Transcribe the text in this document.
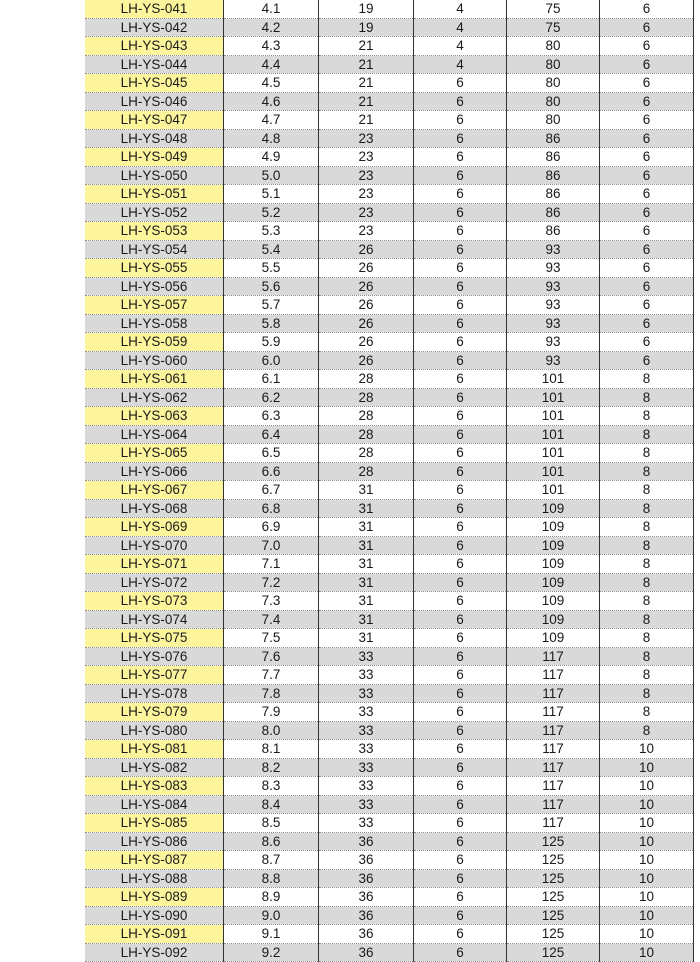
LH-YS-041	4.1	19	4	75	6
LH-YS-042	4.2	19	4	75	6
LH-YS-043	4.3	21	4	80	6
LH-YS-044	4.4	21	4	80	6
LH-YS-045	4.5	21	6	80	6
LH-YS-046	4.6	21	6	80	6
LH-YS-047	4.7	21	6	80	6
LH-YS-048	4.8	23	6	86	6
LH-YS-049	4.9	23	6	86	6
LH-YS-050	5.0	23	6	86	6
LH-YS-051	5.1	23	6	86	6
LH-YS-052	5.2	23	6	86	6
LH-YS-053	5.3	23	6	86	6
LH-YS-054	5.4	26	6	93	6
LH-YS-055	5.5	26	6	93	6
LH-YS-056	5.6	26	6	93	6
LH-YS-057	5.7	26	6	93	6
LH-YS-058	5.8	26	6	93	6
LH-YS-059	5.9	26	6	93	6
LH-YS-060	6.0	26	6	93	6
LH-YS-061	6.1	28	6	101	8
LH-YS-062	6.2	28	6	101	8
LH-YS-063	6.3	28	6	101	8
LH-YS-064	6.4	28	6	101	8
LH-YS-065	6.5	28	6	101	8
LH-YS-066	6.6	28	6	101	8
LH-YS-067	6.7	31	6	101	8
LH-YS-068	6.8	31	6	109	8
LH-YS-069	6.9	31	6	109	8
LH-YS-070	7.0	31	6	109	8
LH-YS-071	7.1	31	6	109	8
LH-YS-072	7.2	31	6	109	8
LH-YS-073	7.3	31	6	109	8
LH-YS-074	7.4	31	6	109	8
LH-YS-075	7.5	31	6	109	8
LH-YS-076	7.6	33	6	117	8
LH-YS-077	7.7	33	6	117	8
LH-YS-078	7.8	33	6	117	8
LH-YS-079	7.9	33	6	117	8
LH-YS-080	8.0	33	6	117	8
LH-YS-081	8.1	33	6	117	10
LH-YS-082	8.2	33	6	117	10
LH-YS-083	8.3	33	6	117	10
LH-YS-084	8.4	33	6	117	10
LH-YS-085	8.5	33	6	117	10
LH-YS-086	8.6	36	6	125	10
LH-YS-087	8.7	36	6	125	10
LH-YS-088	8.8	36	6	125	10
LH-YS-089	8.9	36	6	125	10
LH-YS-090	9.0	36	6	125	10
LH-YS-091	9.1	36	6	125	10
LH-YS-092	9.2	36	6	125	10
